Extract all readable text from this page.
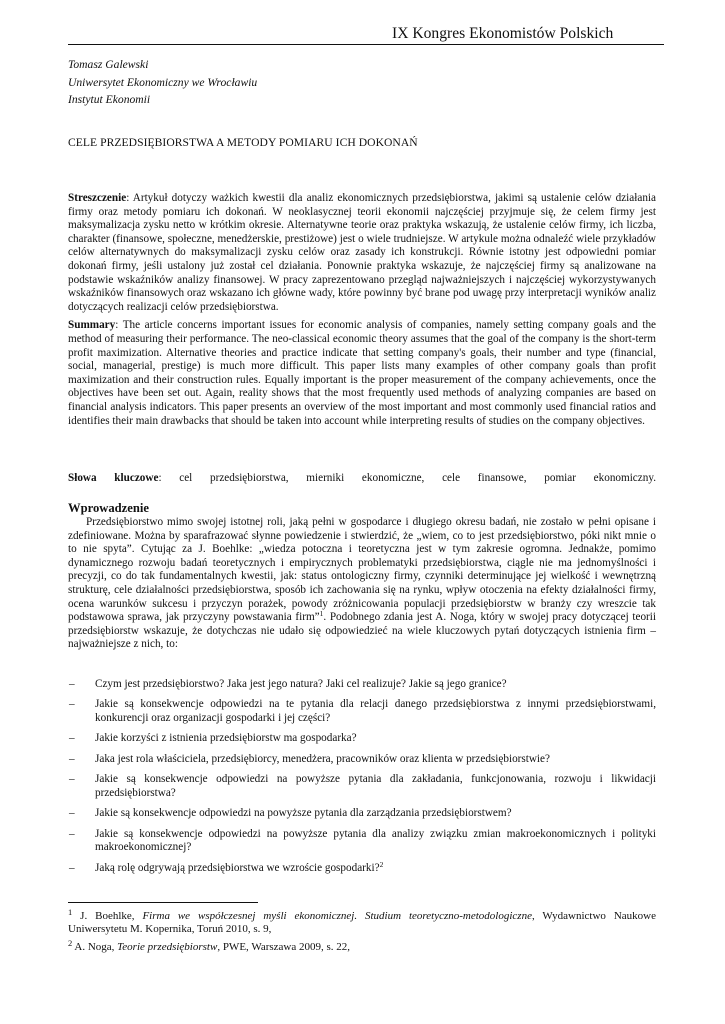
IX Kongres Ekonomistów Polskich
Tomasz Galewski
Uniwersytet Ekonomiczny we Wrocławiu
Instytut Ekonomii
CELE PRZEDSIĘBIORSTWA A METODY POMIARU ICH DOKONAŃ

Streszczenie: Artykuł dotyczy ważkich kwestii dla analiz ekonomicznych przedsiębiorstwa, jakimi są ustalenie celów działania firmy oraz metody pomiaru ich dokonań. W neoklasycznej teorii ekonomii najczęściej przyjmuje się, że celem firmy jest maksymalizacja zysku netto w krótkim okresie. Alternatywne teorie oraz praktyka wskazują, że ustalenie celów firmy, ich liczba, charakter (finansowe, społeczne, menedżerskie, prestiżowe) jest o wiele trudniejsze. W artykule można odnaleźć wiele przykładów celów alternatywnych do maksymalizacji zysku celów oraz zasady ich konstrukcji. Równie istotny jest odpowiedni pomiar dokonań firmy, jeśli ustalony już został cel działania. Ponownie praktyka wskazuje, że najczęściej firmy są analizowane na podstawie wskaźników analizy finansowej. W pracy zaprezentowano przegląd najważniejszych i najczęściej wykorzystywanych wskaźników finansowych oraz wskazano ich główne wady, które powinny być brane pod uwagę przy interpretacji wyników analiz dotyczących realizacji celów przedsiębiorstwa.

Summary: The article concerns important issues for economic analysis of companies, namely setting company goals and the method of measuring their performance. The neo-classical economic theory assumes that the goal of the company is the short-term profit maximization. Alternative theories and practice indicate that setting company's goals, their number and type (financial, social, managerial, prestige) is much more difficult. This paper lists many examples of other company goals than profit maximization and their construction rules. Equally important is the proper measurement of the company achievements, once the objectives have been set out. Again, reality shows that the most frequently used methods of analyzing companies are based on financial analysis indicators. This paper presents an overview of the most important and most commonly used financial ratios and identifies their main drawbacks that should be taken into account while interpreting results of studies on the company objectives.

Słowa kluczowe: cel przedsiębiorstwa, mierniki ekonomiczne, cele finansowe, pomiar ekonomiczny.
Wprowadzenie

Przedsiębiorstwo mimo swojej istotnej roli, jaką pełni w gospodarce i długiego okresu badań, nie zostało w pełni opisane i zdefiniowane. Można by sparafrazować słynne powiedzenie i stwierdzić, że „wiem, co to jest przedsiębiorstwo, póki nikt mnie o to nie spyta”. Cytując za J. Boehlke: „wiedza potoczna i teoretyczna jest w tym zakresie ogromna. Jednakże, pomimo dynamicznego rozwoju badań teoretycznych i empirycznych problematyki przedsiębiorstwa, ciągle nie ma jednomyślności i precyzji, co do tak fundamentalnych kwestii, jak: status ontologiczny firmy, czynniki determinujące jej wielkość i wewnętrzną strukturę, cele działalności przedsiębiorstwa, sposób ich zachowania się na rynku, wpływ otoczenia na efekty działalności firmy, ocena warunków sukcesu i przyczyn porażek, powody zróżnicowania populacji przedsiębiorstw w branży czy wreszcie tak podstawowa sprawa, jak przyczyny powstawania firm”$^1$. Podobnego zdania jest A. Noga, który w swojej pracy dotyczącej teorii przedsiębiorstw wskazuje, że dotychczas nie udało się odpowiedzieć na wiele kluczowych pytań dotyczących istnienia firm – najważniejsze z nich, to:

– Czym jest przedsiębiorstwo? Jaka jest jego natura? Jaki cel realizuje? Jakie są jego granice?
– Jakie są konsekwencje odpowiedzi na te pytania dla relacji danego przedsiębiorstwa z innymi przedsiębiorstwami, konkurencji oraz organizacji gospodarki i jej części?
– Jakie korzyści z istnienia przedsiębiorstw ma gospodarka?
– Jaka jest rola właściciela, przedsiębiorcy, menedżera, pracowników oraz klienta w przedsiębiorstwie?
– Jakie są konsekwencje odpowiedzi na powyższe pytania dla zakładania, funkcjonowania, rozwoju i likwidacji przedsiębiorstwa?
– Jakie są konsekwencje odpowiedzi na powyższe pytania dla zarządzania przedsiębiorstwem?
– Jakie są konsekwencje odpowiedzi na powyższe pytania dla analizy związku zmian makroekonomicznych i polityki makroekonomicznej?
– Jaką rolę odgrywają przedsiębiorstwa we wzroście gospodarki?$^2$
$^1$ J. Boehlke, Firma we współczesnej myśli ekonomicznej. Studium teoretyczno-metodologiczne, Wydawnictwo Naukowe Uniwersytetu M. Kopernika, Toruń 2010, s. 9,
$^2$ A. Noga, Teorie przedsiębiorstw, PWE, Warszawa 2009, s. 22,
